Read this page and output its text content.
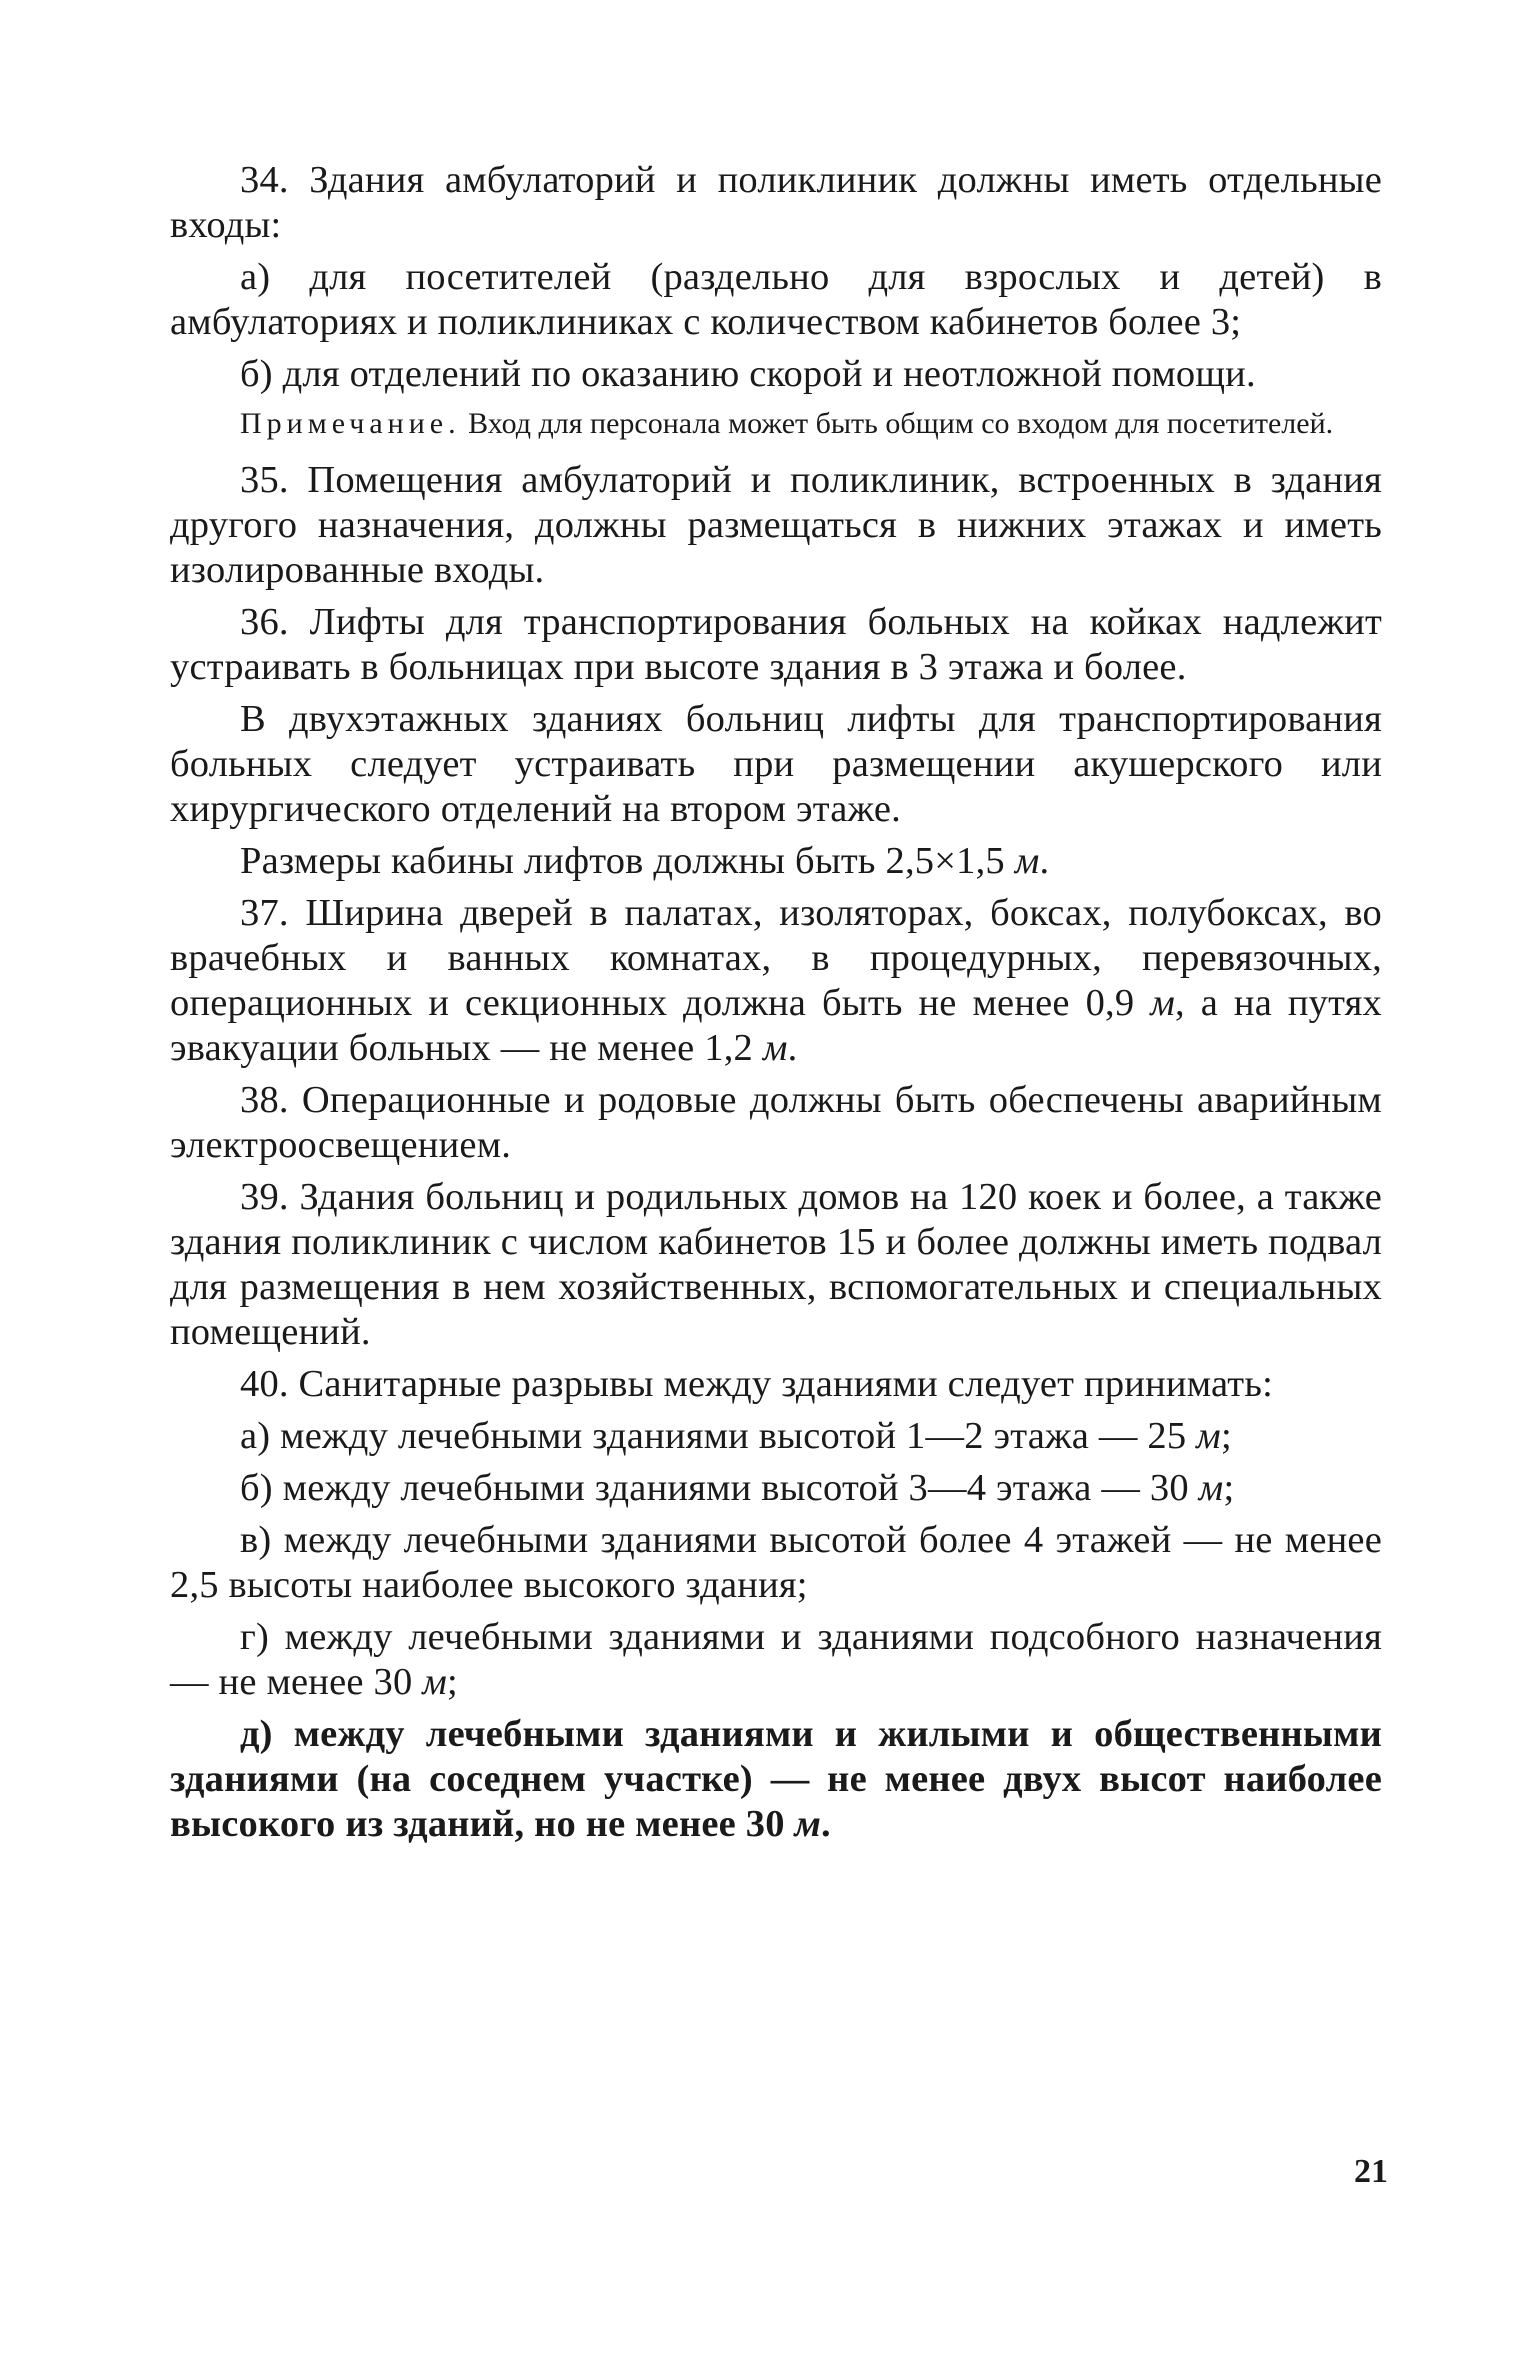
34. Здания амбулаторий и поликлиник должны иметь отдельные входы:

а) для посетителей (раздельно для взрослых и детей) в амбулаториях и поликлиниках с количеством кабинетов более 3;

б) для отделений по оказанию скорой и неотложной помощи.

Примечание. Вход для персонала может быть общим со входом для посетителей.

35. Помещения амбулаторий и поликлиник, встроенных в здания другого назначения, должны размещаться в нижних этажах и иметь изолированные входы.

36. Лифты для транспортирования больных на койках надлежит устраивать в больницах при высоте здания в 3 этажа и более.

В двухэтажных зданиях больниц лифты для транспортирования больных следует устраивать при размещении акушерского или хирургического отделений на втором этаже.

Размеры кабины лифтов должны быть 2,5×1,5 м.

37. Ширина дверей в палатах, изоляторах, боксах, полубоксах, во врачебных и ванных комнатах, в процедурных, перевязочных, операционных и секционных должна быть не менее 0,9 м, а на путях эвакуации больных — не менее 1,2 м.

38. Операционные и родовые должны быть обеспечены аварийным электроосвещением.

39. Здания больниц и родильных домов на 120 коек и более, а также здания поликлиник с числом кабинетов 15 и более должны иметь подвал для размещения в нем хозяйственных, вспомогательных и специальных помещений.

40. Санитарные разрывы между зданиями следует принимать:

а) между лечебными зданиями высотой 1—2 этажа — 25 м;

б) между лечебными зданиями высотой 3—4 этажа — 30 м;

в) между лечебными зданиями высотой более 4 этажей — не менее 2,5 высоты наиболее высокого здания;

г) между лечебными зданиями и зданиями подсобного назначения — не менее 30 м;

д) между лечебными зданиями и жилыми и общественными зданиями (на соседнем участке) — не менее двух высот наиболее высокого из зданий, но не менее 30 м.

21
